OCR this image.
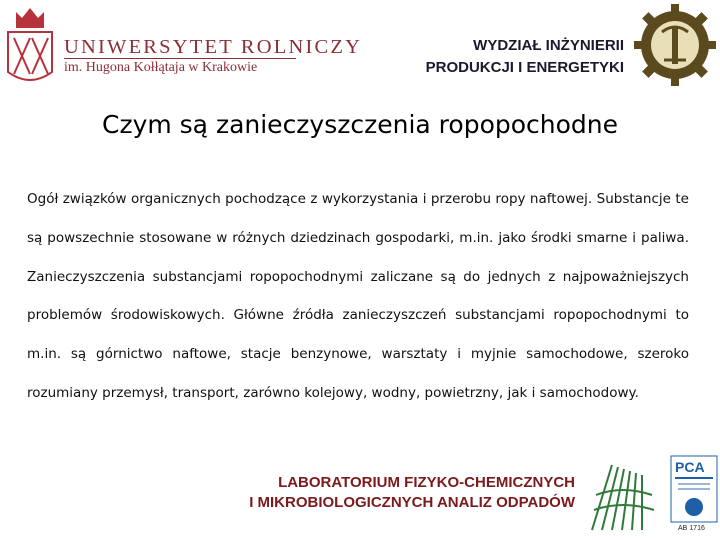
UNIWERSYTET ROLNICZY
im. Hugona Kołłątaja w Krakowie
WYDZIAŁ INŻYNIERII
PRODUKCJI I ENERGETYKI
Czym są zanieczyszczenia ropopochodne
Ogół związków organicznych pochodzące z wykorzystania i przerobu ropy naftowej. Substancje te są powszechnie stosowane w różnych dziedzinach gospodarki, m.in. jako środki smarne i paliwa. Zanieczyszczenia substancjami ropopochodnymi zaliczane są do jednych z najpoważniejszych problemów środowiskowych. Główne źródła zanieczyszczeń substancjami ropopochodnymi to m.in. są górnictwo naftowe, stacje benzynowe, warsztaty i myjnie samochodowe, szeroko rozumiany przemysł, transport, zarówno kolejowy, wodny, powietrzny, jak i samochodowy.
LABORATORIUM FIZYKO-CHEMICZNYCH
I MIKROBIOLOGICZNYCH ANALIZ ODPADÓW
PCA
AB 1716
